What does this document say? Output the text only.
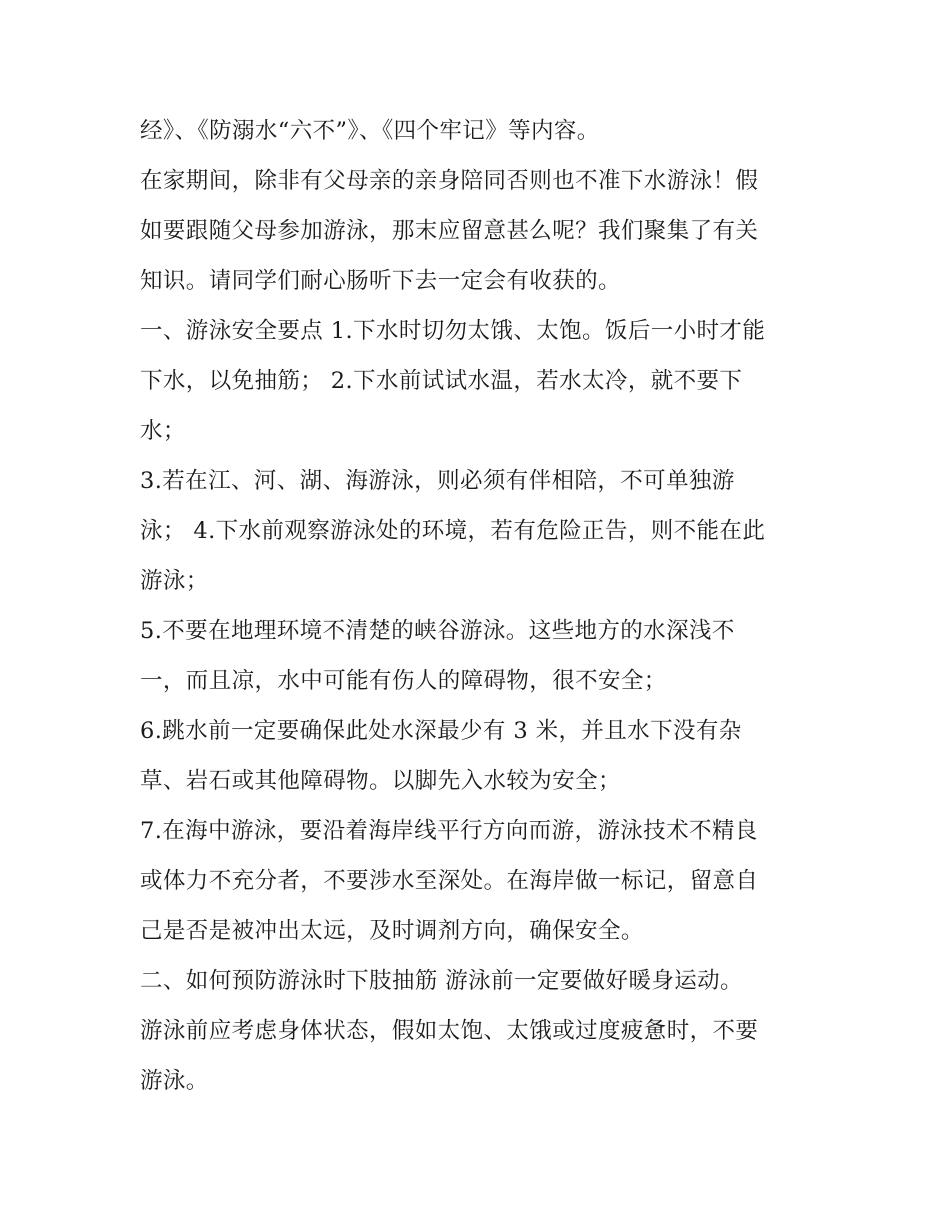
经》、《防溺水“六不”》、《四个牢记》等内容。
在家期间，除非有父母亲的亲身陪同否则也不准下水游泳！假
如要跟随父母参加游泳，那末应留意甚么呢？我们聚集了有关
知识。请同学们耐心肠听下去一定会有收获的。
一、游泳安全要点 1.下水时切勿太饿、太饱。饭后一小时才能
下水，以免抽筋； 2.下水前试试水温，若水太冷，就不要下
水；
3.若在江、河、湖、海游泳，则必须有伴相陪，不可单独游
泳； 4.下水前观察游泳处的环境，若有危险正告，则不能在此
游泳；
5.不要在地理环境不清楚的峡谷游泳。这些地方的水深浅不
一，而且凉，水中可能有伤人的障碍物，很不安全；
6.跳水前一定要确保此处水深最少有 3 米，并且水下没有杂
草、岩石或其他障碍物。以脚先入水较为安全；
7.在海中游泳，要沿着海岸线平行方向而游，游泳技术不精良
或体力不充分者，不要涉水至深处。在海岸做一标记，留意自
己是否是被冲出太远，及时调剂方向，确保安全。
二、如何预防游泳时下肢抽筋 游泳前一定要做好暖身运动。
游泳前应考虑身体状态，假如太饱、太饿或过度疲惫时，不要
游泳。
